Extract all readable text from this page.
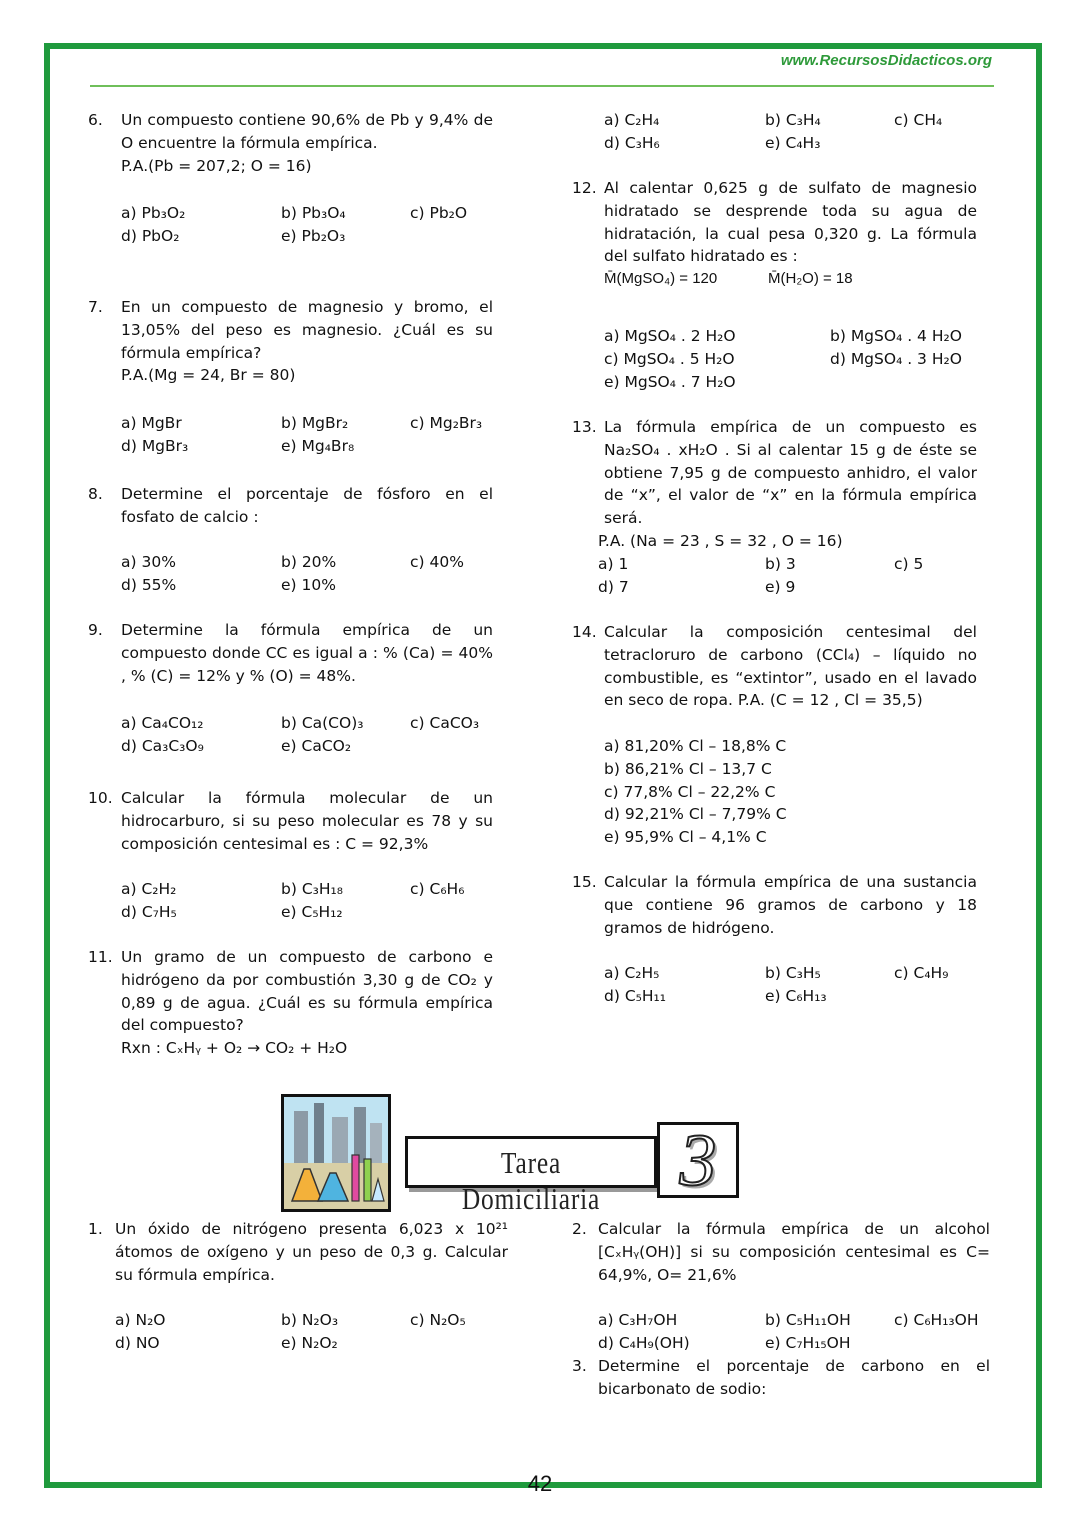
www.RecursosDidacticos.org
6. Un compuesto contiene 90,6% de Pb y 9,4% de O encuentre la fórmula empírica.
P.A.(Pb = 207,2; O = 16)
a) Pb₃O₂	b) Pb₃O₄	c) Pb₂O
d) PbO₂	e) Pb₂O₃
7. En un compuesto de magnesio y bromo, el 13,05% del peso es magnesio. ¿Cuál es su fórmula empírica?
P.A.(Mg = 24, Br = 80)
a) MgBr	b) MgBr₂	c) Mg₂Br₃
d) MgBr₃	e) Mg₄Br₈
8. Determine el porcentaje de fósforo en el fosfato de calcio :
a) 30%	b) 20%	c) 40%
d) 55%	e) 10%
9. Determine la fórmula empírica de un compuesto donde CC es igual a : % (Ca) = 40% , % (C) = 12% y % (O) = 48%.
a) Ca₄CO₁₂	b) Ca(CO)₃	c) CaCO₃
d) Ca₃C₃O₉	e) CaCO₂
10. Calcular la fórmula molecular de un hidrocarburo, si su peso molecular es 78 y su composición centesimal es : C = 92,3%
a) C₂H₂	b) C₃H₁₈	c) C₆H₆
d) C₇H₅	e) C₅H₁₂
11. Un gramo de un compuesto de carbono e hidrógeno da por combustión 3,30 g de CO₂ y 0,89 g de agua. ¿Cuál es su fórmula empírica del compuesto?
Rxn : CₓHᵧ + O₂ → CO₂ + H₂O
a) C₂H₄	b) C₃H₄	c) CH₄
d) C₃H₆	e) C₄H₃
12. Al calentar 0,625 g de sulfato de magnesio hidratado se desprende toda su agua de hidratación, la cual pesa 0,320 g. La fórmula del sulfato hidratado es :
M̄(MgSO₄) = 120	M̄(H₂O) = 18
a) MgSO₄ . 2 H₂O	b) MgSO₄ . 4 H₂O
c) MgSO₄ . 5 H₂O	d) MgSO₄ . 3 H₂O
e) MgSO₄ . 7 H₂O
13. La fórmula empírica de un compuesto es Na₂SO₄ . xH₂O . Si al calentar 15 g de éste se obtiene 7,95 g de compuesto anhidro, el valor de “x”, el valor de “x” en la fórmula empírica será.
P.A. (Na = 23 , S = 32 , O = 16)
a) 1	b) 3	c) 5
d) 7	e) 9
14. Calcular la composición centesimal del tetracloruro de carbono (CCl₄) – líquido no combustible, es “extintor”, usado en el lavado en seco de ropa. P.A. (C = 12 , Cl = 35,5)
a) 81,20% Cl – 18,8% C
b) 86,21% Cl – 13,7 C
c) 77,8% Cl – 22,2% C
d) 92,21% Cl – 7,79% C
e) 95,9% Cl – 4,1% C
15. Calcular la fórmula empírica de una sustancia que contiene 96 gramos de carbono y 18 gramos de hidrógeno.
a) C₂H₅	b) C₃H₅	c) C₄H₉
d) C₅H₁₁	e) C₆H₁₃
Tarea Domiciliaria	3
1. Un óxido de nitrógeno presenta 6,023 x 10²¹ átomos de oxígeno y un peso de 0,3 g. Calcular su fórmula empírica.
a) N₂O	b) N₂O₃	c) N₂O₅
d) NO	e) N₂O₂
2. Calcular la fórmula empírica de un alcohol [CₓHᵧ(OH)] si su composición centesimal es C= 64,9%, O= 21,6%
a) C₃H₇OH	b) C₅H₁₁OH	c) C₆H₁₃OH
d) C₄H₉(OH)	e) C₇H₁₅OH
3. Determine el porcentaje de carbono en el bicarbonato de sodio:
42
